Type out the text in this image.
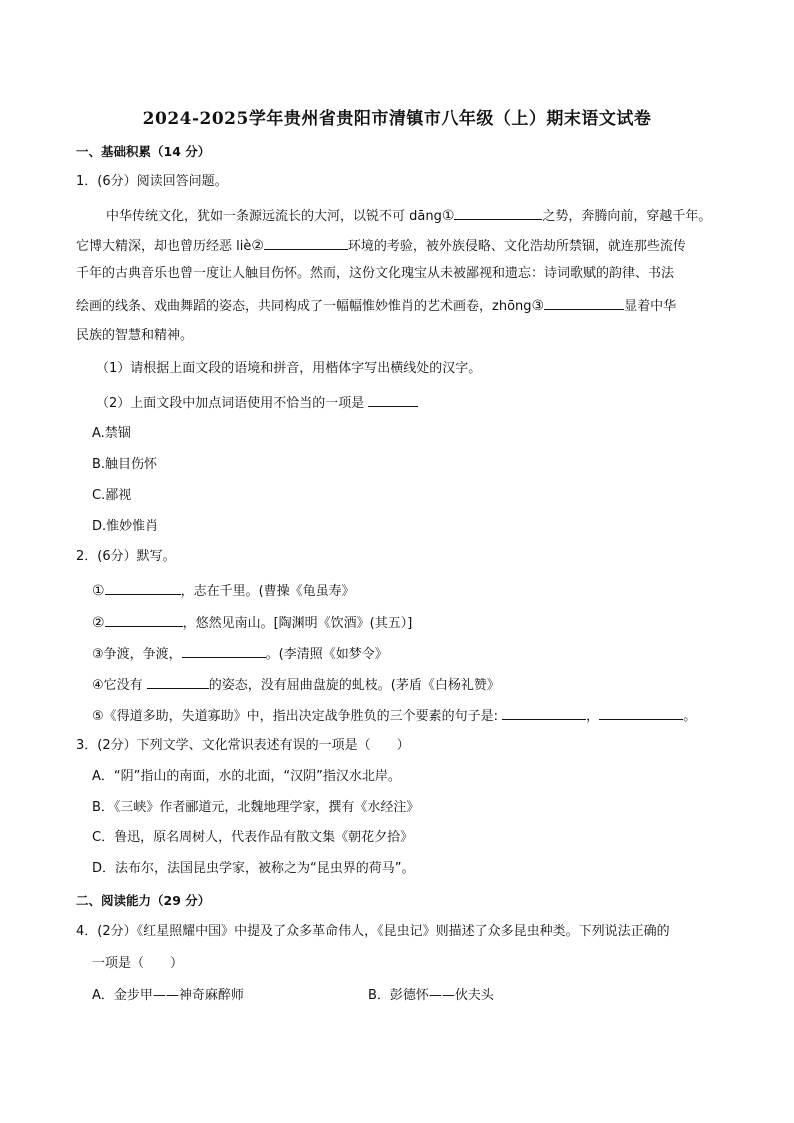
2024-2025学年贵州省贵阳市清镇市八年级（上）期末语文试卷
一、基础积累（14 分）
1．(6分）阅读回答问题。
中华传统文化，犹如一条源远流长的大河，以锐不可 dāng①	之势，奔腾向前，穿越千年。
它博大精深，却也曾历经恶 liè②	环境的考验，被外族侵略、文化浩劫所禁锢，就连那些流传
千年的古典音乐也曾一度让人触目伤怀。然而，这份文化瑰宝从未被鄙视和遗忘：诗词歌赋的韵律、书法
绘画的线条、戏曲舞蹈的姿态，共同构成了一幅幅惟妙惟肖的艺术画卷，zhōng③	显着中华
民族的智慧和精神。
（1）请根据上面文段的语境和拼音，用楷体字写出横线处的汉字。
（2）上面文段中加点词语使用不恰当的一项是
A.禁锢
B.触目伤怀
C.鄙视
D.惟妙惟肖
2．(6分）默写。
①	，志在千里。(曹操《龟虽寿》
②	，悠然见南山。[陶渊明《饮酒》(其五）]
③争渡，争渡，	。(李清照《如梦令》
④它没有	的姿态，没有屈曲盘旋的虬枝。(茅盾《白杨礼赞》
⑤《得道多助，失道寡助》中，指出决定战争胜负的三个要素的句子是:	，	。
3．(2分）下列文学、文化常识表述有误的一项是（　　）
A．“阴”指山的南面，水的北面，“汉阴”指汉水北岸。
B．《三峡》作者郦道元，北魏地理学家，撰有《水经注》
C．鲁迅，原名周树人，代表作品有散文集《朝花夕拾》
D．法布尔，法国昆虫学家，被称之为“昆虫界的荷马”。
二、阅读能力（29 分）
4．(2分）《红星照耀中国》中提及了众多革命伟人，《昆虫记》则描述了众多昆虫种类。下列说法正确的
一项是（　　）
A．金步甲——神奇麻醉师	B．彭德怀——伙夫头
